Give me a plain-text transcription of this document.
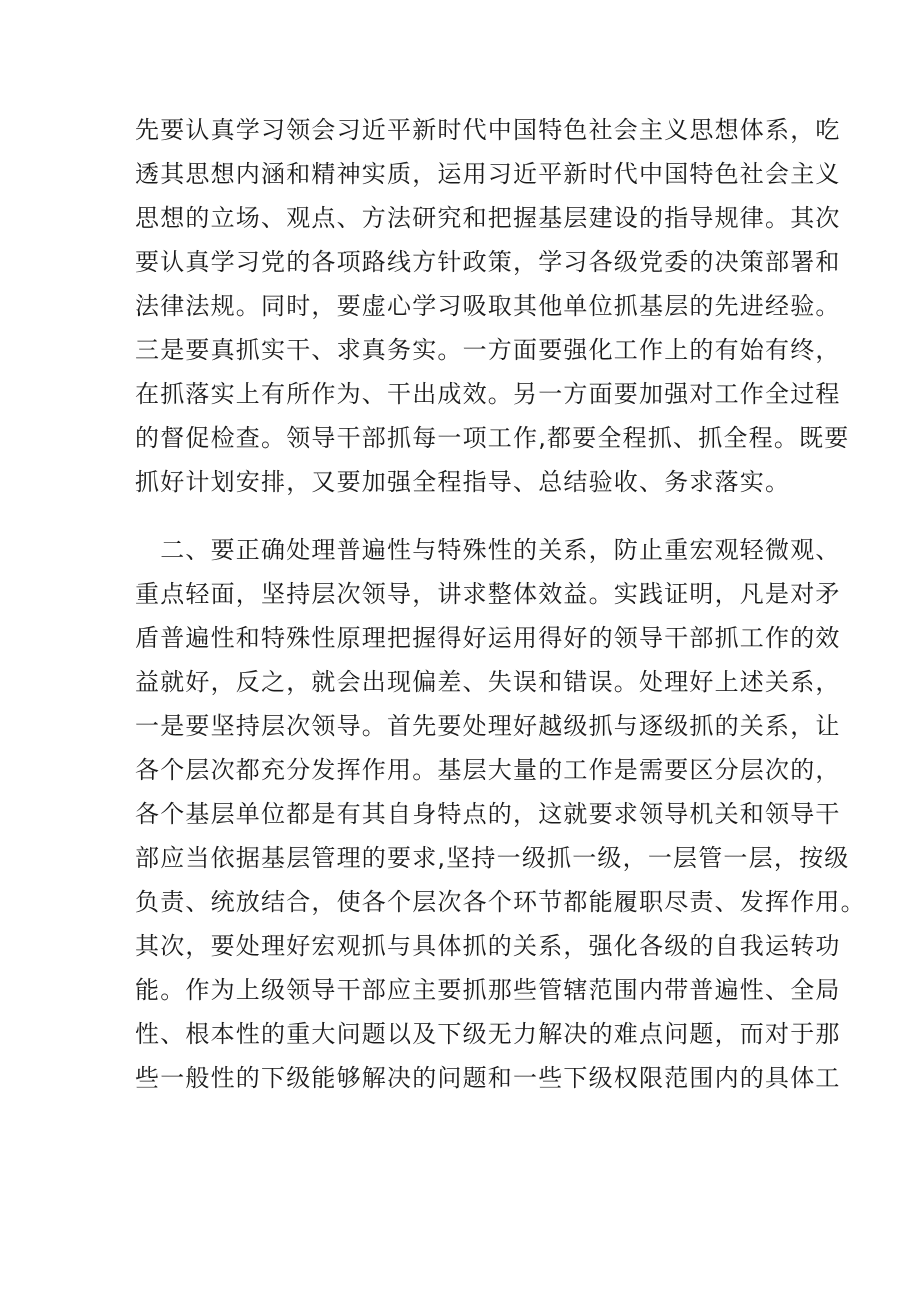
先要认真学习领会习近平新时代中国特色社会主义思想体系，吃
透其思想内涵和精神实质，运用习近平新时代中国特色社会主义
思想的立场、观点、方法研究和把握基层建设的指导规律。其次
要认真学习党的各项路线方针政策，学习各级党委的决策部署和
法律法规。同时，要虚心学习吸取其他单位抓基层的先进经验。
三是要真抓实干、求真务实。一方面要强化工作上的有始有终，
在抓落实上有所作为、干出成效。另一方面要加强对工作全过程
的督促检查。领导干部抓每一项工作,都要全程抓、抓全程。既要
抓好计划安排，又要加强全程指导、总结验收、务求落实。
　二、要正确处理普遍性与特殊性的关系，防止重宏观轻微观、
重点轻面，坚持层次领导，讲求整体效益。实践证明，凡是对矛
盾普遍性和特殊性原理把握得好运用得好的领导干部抓工作的效
益就好，反之，就会出现偏差、失误和错误。处理好上述关系，
一是要坚持层次领导。首先要处理好越级抓与逐级抓的关系，让
各个层次都充分发挥作用。基层大量的工作是需要区分层次的，
各个基层单位都是有其自身特点的，这就要求领导机关和领导干
部应当依据基层管理的要求,坚持一级抓一级，一层管一层，按级
负责、统放结合，使各个层次各个环节都能履职尽责、发挥作用。
其次，要处理好宏观抓与具体抓的关系，强化各级的自我运转功
能。作为上级领导干部应主要抓那些管辖范围内带普遍性、全局
性、根本性的重大问题以及下级无力解决的难点问题，而对于那
些一般性的下级能够解决的问题和一些下级权限范围内的具体工
